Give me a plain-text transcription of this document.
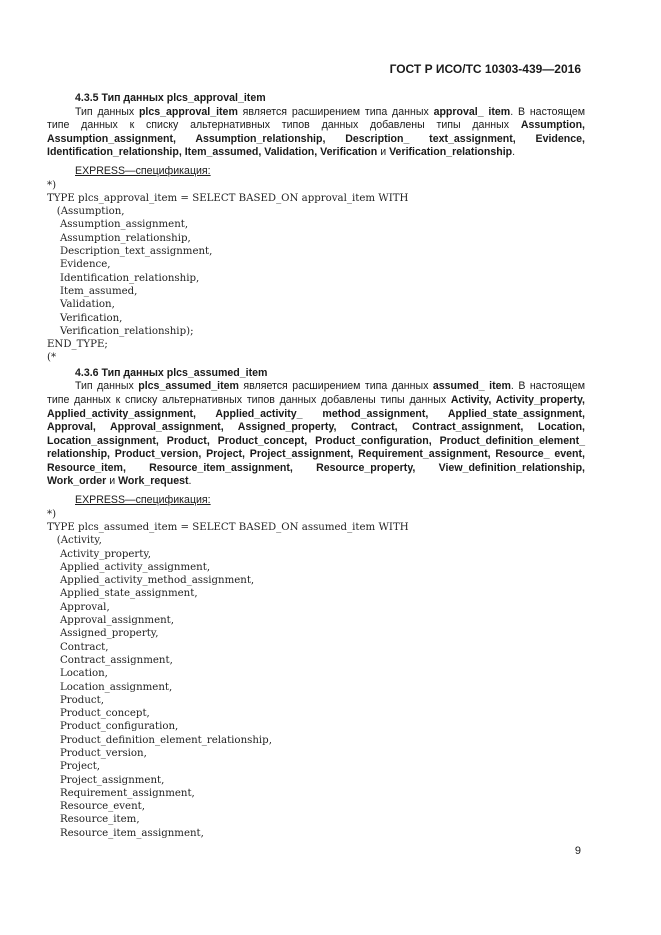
ГОСТ Р ИСО/ТС 10303-439—2016
4.3.5 Тип данных plcs_approval_item
Тип данных plcs_approval_item является расширением типа данных approval_ item. В настоящем типе данных к списку альтернативных типов данных добавлены типы данных Assumption, Assumption_assignment, Assumption_relationship, Description_ text_assignment, Evidence, Identification_relationship, Item_assumed, Validation, Verification и Verification_relationship.
EXPRESS—спецификация:
*)
TYPE plcs_approval_item = SELECT BASED_ON approval_item WITH
(Assumption,
Assumption_assignment,
Assumption_relationship,
Description_text_assignment,
Evidence,
Identification_relationship,
Item_assumed,
Validation,
Verification,
Verification_relationship);
END_TYPE;
(*
4.3.6 Тип данных plcs_assumed_item
Тип данных plcs_assumed_item является расширением типа данных assumed_ item. В настоящем типе данных к списку альтернативных типов данных добавлены типы данных Activity, Activity_property, Applied_activity_assignment, Applied_activity_ method_assignment, Applied_state_assignment, Approval, Approval_assignment, Assigned_property, Contract, Contract_assignment, Location, Location_assignment, Product, Product_concept, Product_configuration, Product_definition_element_ relationship, Product_version, Project, Project_assignment, Requirement_assignment, Resource_ event, Resource_item, Resource_item_assignment, Resource_property, View_definition_relationship, Work_order и Work_request.
EXPRESS—спецификация:
*)
TYPE plcs_assumed_item = SELECT BASED_ON assumed_item WITH
(Activity,
Activity_property,
Applied_activity_assignment,
Applied_activity_method_assignment,
Applied_state_assignment,
Approval,
Approval_assignment,
Assigned_property,
Contract,
Contract_assignment,
Location,
Location_assignment,
Product,
Product_concept,
Product_configuration,
Product_definition_element_relationship,
Product_version,
Project,
Project_assignment,
Requirement_assignment,
Resource_event,
Resource_item,
Resource_item_assignment,
9
